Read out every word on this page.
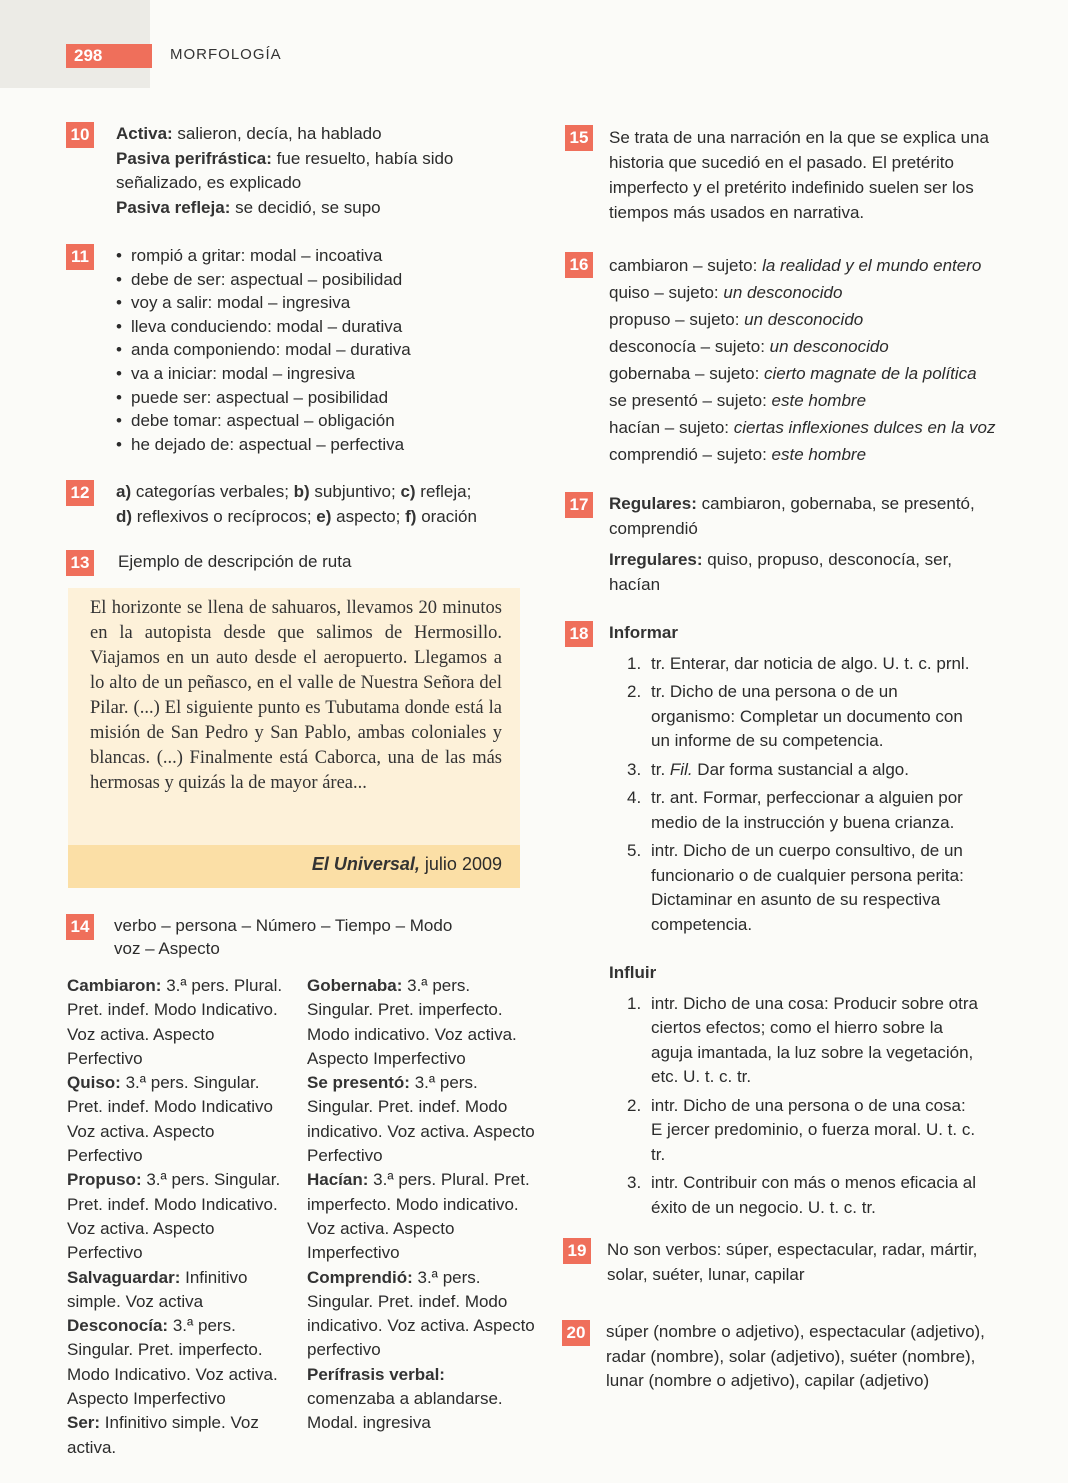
298	MORFOLOGÍA
10 Activa: salieron, decía, ha hablado
Pasiva perifrástica: fue resuelto, había sido
señalizado, es explicado
Pasiva refleja: se decidió, se supo
11
•	rompió a gritar: modal – incoativa
• debe de ser: aspectual – posibilidad
• voy a salir: modal – ingresiva
• lleva conduciendo: modal – durativa
• anda componiendo: modal – durativa
• va a iniciar: modal – ingresiva
• puede ser: aspectual – posibilidad
• debe tomar: aspectual – obligación
• he dejado de: aspectual – perfectiva
12 a) categorías verbales; b) subjuntivo; c) refleja;
d) reflexivos o recíprocos; e) aspecto; f) oración
13 Ejemplo de descripción de ruta
El horizonte se llena de sahuaros, llevamos 20 minutos en la autopista desde que salimos de Hermosillo. Viajamos en un auto desde el aeropuerto. Llegamos a lo alto de un peñasco, en el valle de Nuestra Señora del Pilar. (...) El siguiente punto es Tubutama donde está la misión de San Pedro y San Pablo, ambas coloniales y blancas. (...) Finalmente está Caborca, una de las más hermosas y quizás la de mayor área...
El Universal, julio 2009
14 verbo – persona – Número – Tiempo – Modo
voz – Aspecto

Cambiaron: 3.ª pers. Plural. Pret. indef. Modo Indicativo. Voz activa. Aspecto Perfectivo

Quiso: 3.ª pers. Singular. Pret. indef. Modo Indicativo Voz activa. Aspecto Perfectivo

Propuso: 3.ª pers. Singular. Pret. indef. Modo Indicativo. Voz activa. Aspecto Perfectivo

Salvaguardar: Infinitivo simple. Voz activa

Desconocía: 3.ª pers. Singular. Pret. imperfecto. Modo Indicativo. Voz activa. Aspecto Imperfectivo

Ser: Infinitivo simple. Voz activa.

Gobernaba: 3.ª pers. Singular. Pret. imperfecto. Modo indicativo. Voz activa. Aspecto Imperfectivo

Se presentó: 3.ª pers. Singular. Pret. indef. Modo indicativo. Voz activa. Aspecto Perfectivo

Hacían: 3.ª pers. Plural. Pret. imperfecto. Modo indicativo. Voz activa. Aspecto Imperfectivo

Comprendió: 3.ª pers. Singular. Pret. indef. Modo indicativo. Voz activa. Aspecto perfectivo

Perífrasis verbal: comenzaba a ablandarse. Modal. ingresiva

15 Se trata de una narración en la que se explica una historia que sucedió en el pasado. El pretérito imperfecto y el pretérito indefinido suelen ser los tiempos más usados en narrativa.
16 cambiaron – sujeto: la realidad y el mundo entero
quiso – sujeto: un desconocido
propuso – sujeto: un desconocido
desconocía – sujeto: un desconocido
gobernaba – sujeto: cierto magnate de la política
se presentó – sujeto: este hombre
hacían – sujeto: ciertas inflexiones dulces en la voz
comprendió – sujeto: este hombre
17 Regulares: cambiaron, gobernaba, se presentó, comprendió
Irregulares: quiso, propuso, desconocía, ser, hacían
18 Informar
1. tr. Enterar, dar noticia de algo. U. t. c. prnl.
2. tr. Dicho de una persona o de un organismo: Completar un documento con un informe de su competencia.
3. tr. Fil. Dar forma sustancial a algo.
4. tr. ant. Formar, perfeccionar a alguien por medio de la instrucción y buena crianza.
5. intr. Dicho de un cuerpo consultivo, de un funcionario o de cualquier persona perita: Dictaminar en asunto de su respectiva competencia.
Influir
1. intr. Dicho de una cosa: Producir sobre otra ciertos efectos; como el hierro sobre la aguja imantada, la luz sobre la vegetación, etc. U. t. c. tr.
2. intr. Dicho de una persona o de una cosa: E jercer predominio, o fuerza moral. U. t. c. tr.
3. intr. Contribuir con más o menos eficacia al éxito de un negocio. U. t. c. tr.
19 No son verbos: súper, espectacular, radar, mártir, solar, suéter, lunar, capilar
20 súper (nombre o adjetivo), espectacular (adjetivo), radar (nombre), solar (adjetivo), suéter (nombre), lunar (nombre o adjetivo), capilar (adjetivo)
